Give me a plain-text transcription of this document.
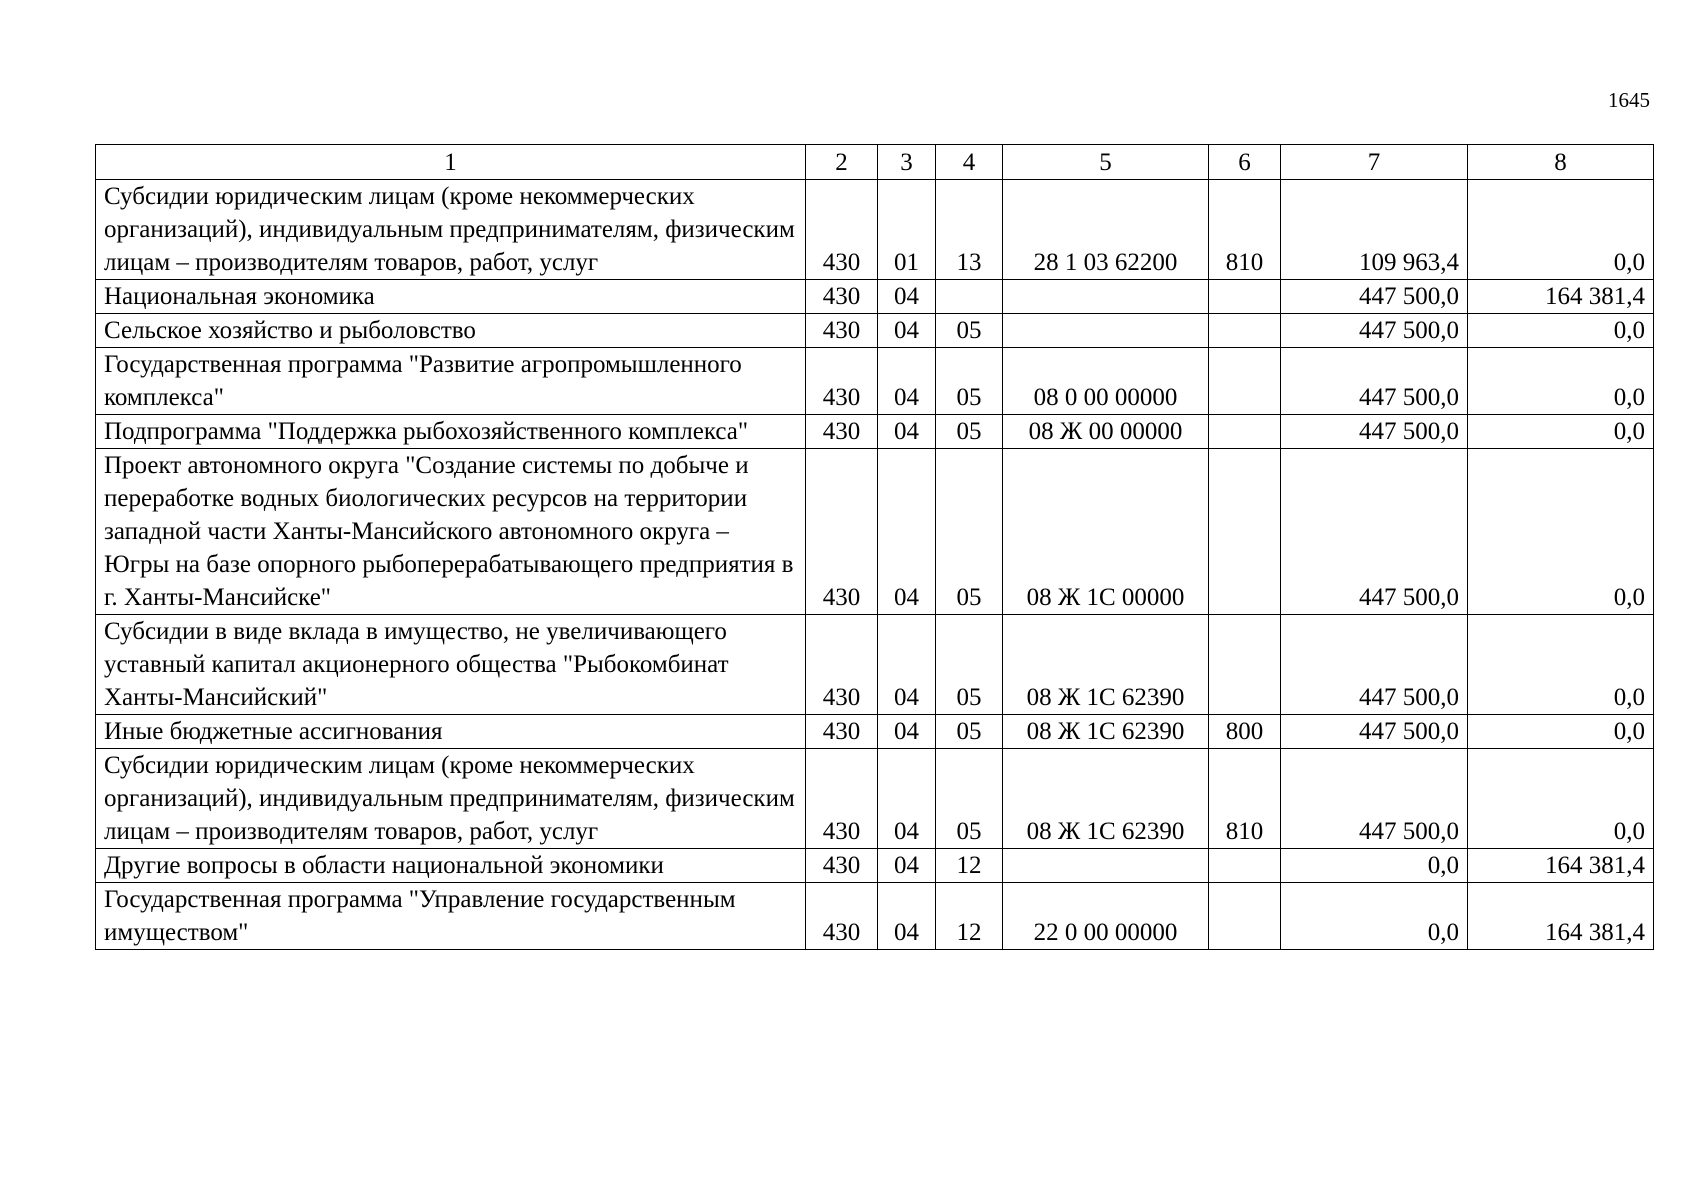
1645
1	2	3	4	5	6	7	8
Субсидии юридическим лицам (кроме некоммерческих организаций), индивидуальным предпринимателям, физическим лицам – производителям товаров, работ, услуг	430	01	13	28 1 03 62200	810	109 963,4	0,0
Национальная экономика	430	04				447 500,0	164 381,4
Сельское хозяйство и рыболовство	430	04	05			447 500,0	0,0
Государственная программа "Развитие агропромышленного комплекса"	430	04	05	08 0 00 00000		447 500,0	0,0
Подпрограмма "Поддержка рыбохозяйственного комплекса"	430	04	05	08 Ж 00 00000		447 500,0	0,0
Проект автономного округа "Создание системы по добыче и переработке водных биологических ресурсов на территории западной части Ханты-Мансийского автономного округа – Югры на базе опорного рыбоперерабатывающего предприятия в г. Ханты-Мансийске"	430	04	05	08 Ж 1С 00000		447 500,0	0,0
Субсидии в виде вклада в имущество, не увеличивающего уставный капитал акционерного общества "Рыбокомбинат Ханты-Мансийский"	430	04	05	08 Ж 1С 62390		447 500,0	0,0
Иные бюджетные ассигнования	430	04	05	08 Ж 1С 62390	800	447 500,0	0,0
Субсидии юридическим лицам (кроме некоммерческих организаций), индивидуальным предпринимателям, физическим лицам – производителям товаров, работ, услуг	430	04	05	08 Ж 1С 62390	810	447 500,0	0,0
Другие вопросы в области национальной экономики	430	04	12			0,0	164 381,4
Государственная программа "Управление государственным имуществом"	430	04	12	22 0 00 00000		0,0	164 381,4
